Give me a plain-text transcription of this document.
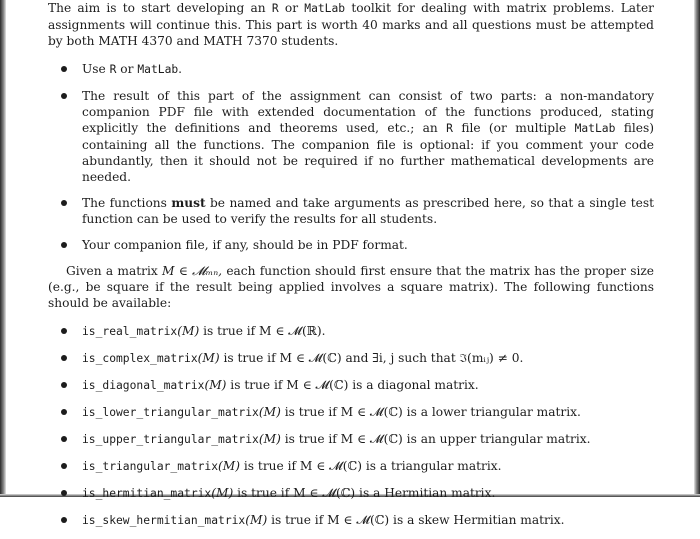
The aim is to start developing an R or MatLab toolkit for dealing with matrix problems. Later assignments will continue this. This part is worth 40 marks and all questions must be attempted by both MATH 4370 and MATH 7370 students.

Use R or MatLab.
The result of this part of the assignment can consist of two parts: a non-mandatory companion PDF file with extended documentation of the functions produced, stating explicitly the definitions and theorems used, etc.; an R file (or multiple MatLab files) containing all the functions. The companion file is optional: if you comment your code abundantly, then it should not be required if no further mathematical developments are needed.
The functions must be named and take arguments as prescribed here, so that a single test function can be used to verify the results for all students.
Your companion file, if any, should be in PDF format.

Given a matrix M ∈ 𝓜ₘₙ, each function should first ensure that the matrix has the proper size (e.g., be square if the result being applied involves a square matrix). The following functions should be available:

is_real_matrix(M) is true if M ∈ 𝓜(ℝ).
is_complex_matrix(M) is true if M ∈ 𝓜(ℂ) and ∃i, j such that ℑ(mᵢⱼ) ≠ 0.
is_diagonal_matrix(M) is true if M ∈ 𝓜(ℂ) is a diagonal matrix.
is_lower_triangular_matrix(M) is true if M ∈ 𝓜(ℂ) is a lower triangular matrix.
is_upper_triangular_matrix(M) is true if M ∈ 𝓜(ℂ) is an upper triangular matrix.
is_triangular_matrix(M) is true if M ∈ 𝓜(ℂ) is a triangular matrix.
is_hermitian_matrix(M) is true if M ∈ 𝓜(ℂ) is a Hermitian matrix.
is_skew_hermitian_matrix(M) is true if M ∈ 𝓜(ℂ) is a skew Hermitian matrix.
